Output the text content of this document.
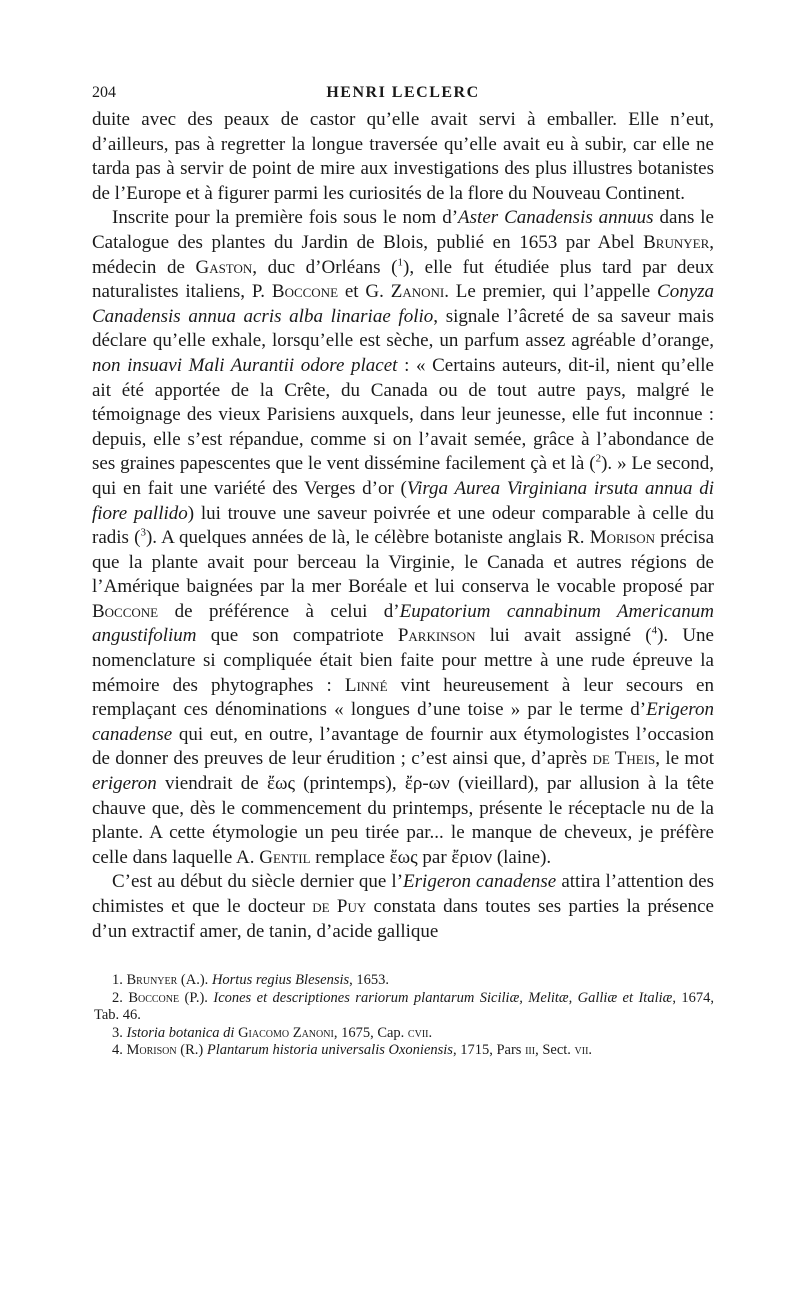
204	HENRI LECLERC

duite avec des peaux de castor qu’elle avait servi à emballer. Elle n’eut, d’ailleurs, pas à regretter la longue traversée qu’elle avait eu à subir, car elle ne tarda pas à servir de point de mire aux investigations des plus illustres botanistes de l’Europe et à figurer parmi les curiosités de la flore du Nouveau Continent.

Inscrite pour la première fois sous le nom d’Aster Canadensis annuus dans le Catalogue des plantes du Jardin de Blois, publié en 1653 par Abel Brunyer, médecin de Gaston, duc d’Orléans ($^1$), elle fut étudiée plus tard par deux naturalistes italiens, P. Boccone et G. Zanoni. Le premier, qui l’appelle Conyza Canadensis annua acris alba linariae folio, signale l’âcreté de sa saveur mais déclare qu’elle exhale, lorsqu’elle est sèche, un parfum assez agréable d’orange, non insuavi Mali Aurantii odore placet : « Certains auteurs, dit-il, nient qu’elle ait été apportée de la Crête, du Canada ou de tout autre pays, malgré le témoignage des vieux Parisiens auxquels, dans leur jeunesse, elle fut inconnue : depuis, elle s’est répandue, comme si on l’avait semée, grâce à l’abondance de ses graines papescentes que le vent dissémine facilement çà et là ($^2$). » Le second, qui en fait une variété des Verges d’or (Virga Aurea Virginiana irsuta annua di fiore pallido) lui trouve une saveur poivrée et une odeur comparable à celle du radis ($^3$). A quelques années de là, le célèbre botaniste anglais R. Morison précisa que la plante avait pour berceau la Virginie, le Canada et autres régions de l’Amérique baignées par la mer Boréale et lui conserva le vocable proposé par Boccone de préférence à celui d’Eupatorium cannabinum Americanum angustifolium que son compatriote Parkinson lui avait assigné ($^4$). Une nomenclature si compliquée était bien faite pour mettre à une rude épreuve la mémoire des phytographes : Linné vint heureusement à leur secours en remplaçant ces dénominations « longues d’une toise » par le terme d’Erigeron canadense qui eut, en outre, l’avantage de fournir aux étymologistes l’occasion de donner des preuves de leur érudition ; c’est ainsi que, d’après de Theis, le mot erigeron viendrait de ἔως (printemps), ἔρ-ων (vieillard), par allusion à la tête chauve que, dès le commencement du printemps, présente le réceptacle nu de la plante. A cette étymologie un peu tirée par... le manque de cheveux, je préfère celle dans laquelle A. Gentil remplace ἔως par ἔριον (laine).

C’est au début du siècle dernier que l’Erigeron canadense attira l’attention des chimistes et que le docteur de Puy constata dans toutes ses parties la présence d’un extractif amer, de tanin, d’acide gallique

1. Brunyer (A.). Hortus regius Blesensis, 1653.
2. Boccone (P.). Icones et descriptiones rariorum plantarum Siciliæ, Melitæ, Galliæ et Italiæ, 1674, Tab. 46.
3. Istoria botanica di Giacomo Zanoni, 1675, Cap. cvii.
4. Morison (R.) Plantarum historia universalis Oxoniensis, 1715, Pars iii, Sect. vii.
